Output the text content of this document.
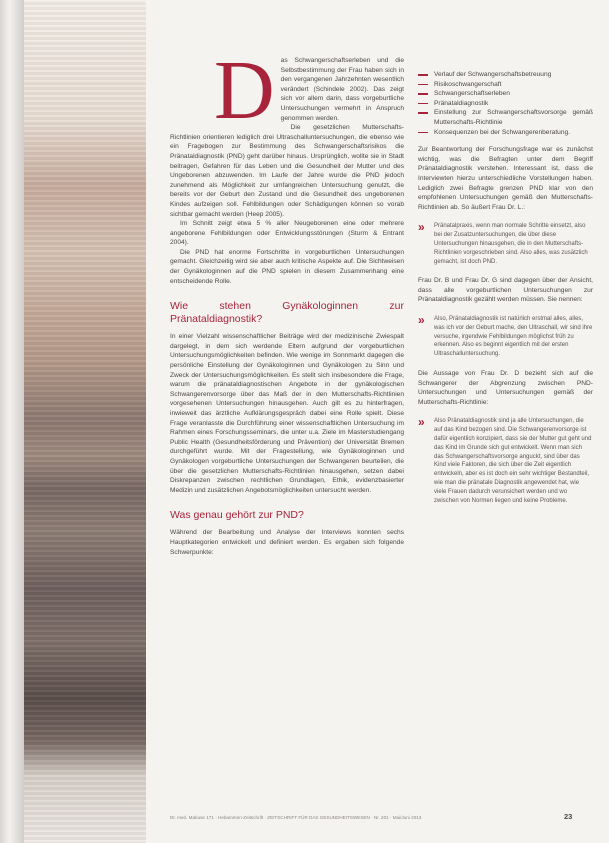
D as Schwangerschaftserleben und die Selbstbestimmung der Frau haben sich in den vergangenen Jahrzehnten wesentlich verändert (Schindele 2002). Das zeigt sich vor allem darin, dass vorgeburtliche Untersuchungen vermehrt in Anspruch genommen werden.

Die gesetzlichen Mutterschafts-Richtlinien orientieren lediglich drei Ultraschalluntersuchungen, die ebenso wie ein Fragebogen zur Bestimmung des Schwangerschaftsrisikos die Pränataldiagnostik (PND) geht darüber hinaus. Ursprünglich, wollte sie in Stadt beitragen, Gefahren für das Leben und die Gesundheit der Mutter und des Ungeborenen abzuwenden. Im Laufe der Jahre wurde die PND jedoch zunehmend als Möglichkeit zur umfangreichen Untersuchung genutzt, die bereits vor der Geburt den Zustand und die Gesundheit des ungeborenen Kindes aufzeigen soll. Fehlbildungen oder Schädigungen können so vorab sichtbar gemacht werden (Heep 2005).

Im Schnitt zeigt etwa 5 % aller Neugeborenen eine oder mehrere angeborene Fehlbildungen oder Entwicklungsstörungen (Sturm & Entrant 2004).

Die PND hat enorme Fortschritte in vorgeburtlichen Untersuchungen gemacht. Gleichzeitig wird sie aber auch kritische Aspekte auf. Die Sichtweisen der Gynäkologinnen auf die PND spielen in diesem Zusammenhang eine entscheidende Rolle.

Wie stehen Gynäkologinnen zur Pränataldiagnostik?

In einer Vielzahl wissenschaftlicher Beiträge wird der medizinische Zwiespalt dargelegt, in dem sich werdende Eltern aufgrund der vorgeburtlichen Untersuchungsmöglichkeiten befinden. Wie wenige im Sonnmarkt dagegen die persönliche Einstellung der Gynäkologinnen und Gynäkologen zu Sinn und Zweck der Untersuchungsmöglichkeiten. Es stellt sich insbesondere die Frage, warum die pränataldiagnostischen Angebote in der gynäkologischen Schwangerenvorsorge über das Maß der in den Mutterschafts-Richtlinien vorgesehenen Untersuchungen hinausgehen. Auch gilt es zu hinterfragen, inwieweit das ärztliche Aufklärungsgespräch dabei eine Rolle spielt. Diese Frage veranlasste die Durchführung einer wissenschaftlichen Untersuchung im Rahmen eines Forschungsseminars, die unter u.a. Ziele im Masterstudiengang Public Health (Gesundheitsförderung und Prävention) der Universität Bremen durchgeführt wurde. Mit der Fragestellung, wie Gynäkologinnen und Gynäkologen vorgeburtliche Untersuchungen der Schwangeren beurteilen, die über die gesetzlichen Mutterschafts-Richtlinien hinausgehen, setzen dabei Diskrepanzen zwischen rechtlichen Grundlagen, Ethik, evidenzbasierter Medizin und zusätzlichen Angebotsmöglichkeiten untersucht werden.

Was genau gehört zur PND?

Während der Bearbeitung und Analyse der Interviews konnten sechs Hauptkategorien entwickelt und definiert werden. Es ergaben sich folgende Schwerpunkte:

Verlauf der Schwangerschaftsbetreuung
Risikoschwangerschaft
Schwangerschaftserleben
Pränataldiagnostik
Einstellung zur Schwangerschaftsvorsorge gemäß Mutterschafts-Richtlinie
Konsequenzen bei der Schwangerenberatung.

Zur Beantwortung der Forschungsfrage war es zunächst wichtig, was die Befragten unter dem Begriff Pränataldiagnostik verstehen. Interessant ist, dass die Interviewten hierzu unterschiedliche Vorstellungen haben. Lediglich zwei Befragte grenzen PND klar von den empfohlenen Untersuchungen gemäß den Mutterschafts-Richtlinien ab. So äußert Frau Dr. L.:

» Pränatalpraxis, wenn man normale Schritte einsetzt, also bei der Zusatzuntersuchungen, die über diese Untersuchungen hinausgehen, die in den Mutterschafts-Richtlinien vorgeschrieben sind. Also alles, was zusätzlich gemacht, ist doch PND.

Frau Dr. B und Frau Dr. G sind dagegen über der Ansicht, dass alle vorgeburtlichen Untersuchungen zur Pränataldiagnostik gezählt werden müssen. Sie nennen:

» Also, Pränataldiagnostik ist natürlich erstmal alles, alles, was ich vor der Geburt mache, den Ultraschall, wir sind ihre versuche, irgendwie Fehlbildungen möglichst früh zu erkennen. Also es beginnt eigentlich mit der ersten Ultraschalluntersuchung.

Die Aussage von Frau Dr. D bezieht sich auf die Schwangerer der Abgrenzung zwischen PND-Untersuchungen und Untersuchungen gemäß der Mutterschafts-Richtlinie:

» Also Pränataldiagnostik sind ja alle Untersuchungen, die auf das Kind bezogen sind. Die Schwangerenvorsorge ist dafür eigentlich konzipiert, dass sie der Mutter gut geht und das Kind im Grunde sich gut entwickelt. Wenn man sich das Schwangerschaftsvorsorge anguckt, sind über das Kind viele Faktoren, die sich über die Zeit eigentlich entwickeln, aber es ist doch ein sehr wichtiger Bestandteil, wie man die pränatale Diagnostik angewendet hat, wie viele Frauen dadurch verunsichert werden und wo zwischen von Normen liegen und keine Probleme.
Dr. med. Mabuse 171 · Hebammen-Zeitschrift · ZEITSCHRIFT FÜR DAS GESUNDHEITSWESEN · Nr. 201 · Mai/Juni 2013	23
